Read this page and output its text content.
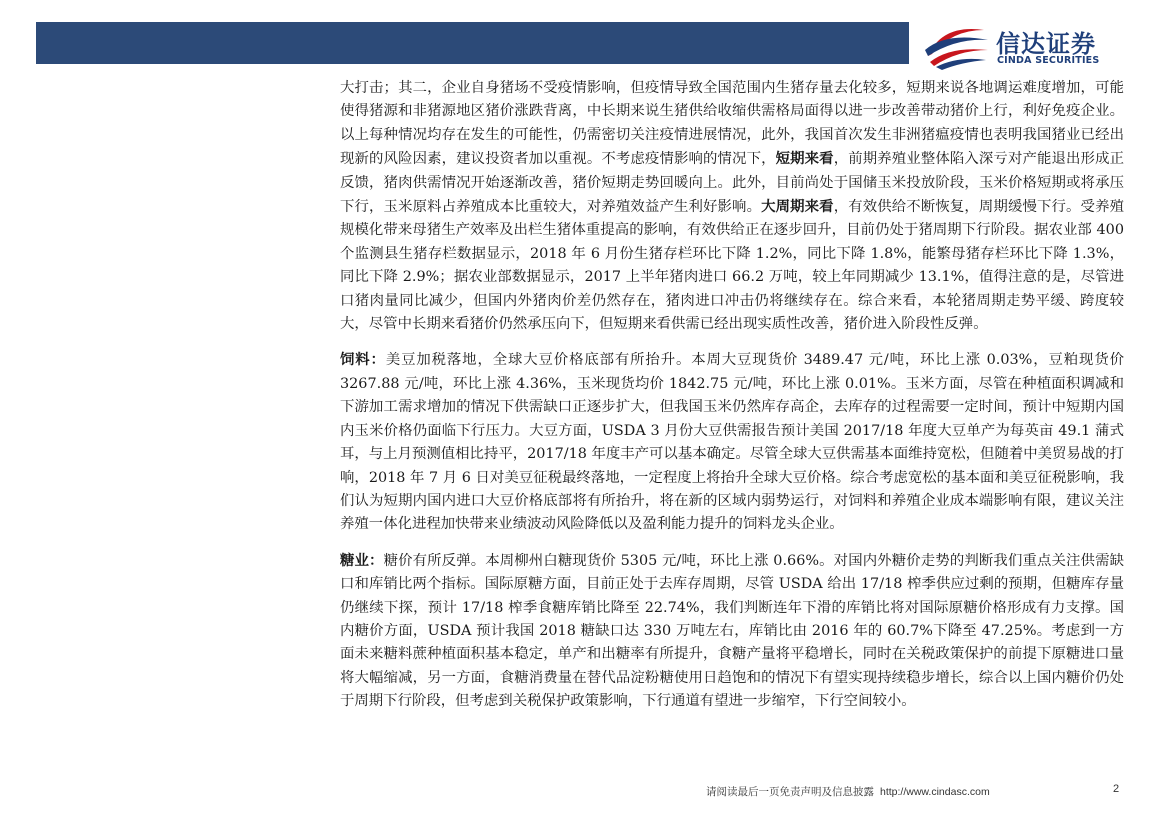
信达证券
CINDA SECURITIES

大打击；其二，企业自身猪场不受疫情影响，但疫情导致全国范围内生猪存量去化较多，短期来说各地调运难度增加，可能使得猪源和非猪源地区猪价涨跌背离，中长期来说生猪供给收缩供需格局面得以进一步改善带动猪价上行，利好免疫企业。以上每种情况均存在发生的可能性，仍需密切关注疫情进展情况，此外，我国首次发生非洲猪瘟疫情也表明我国猪业已经出现新的风险因素，建议投资者加以重视。不考虑疫情影响的情况下，短期来看，前期养殖业整体陷入深亏对产能退出形成正反馈，猪肉供需情况开始逐渐改善，猪价短期走势回暖向上。此外，目前尚处于国储玉米投放阶段，玉米价格短期或将承压下行，玉米原料占养殖成本比重较大，对养殖效益产生利好影响。大周期来看，有效供给不断恢复，周期缓慢下行。受养殖规模化带来母猪生产效率及出栏生猪体重提高的影响，有效供给正在逐步回升，目前仍处于猪周期下行阶段。据农业部 400 个监测县生猪存栏数据显示，2018 年 6 月份生猪存栏环比下降 1.2%，同比下降 1.8%，能繁母猪存栏环比下降 1.3%，同比下降 2.9%；据农业部数据显示，2017 上半年猪肉进口 66.2 万吨，较上年同期减少 13.1%，值得注意的是，尽管进口猪肉量同比减少，但国内外猪肉价差仍然存在，猪肉进口冲击仍将继续存在。综合来看，本轮猪周期走势平缓、跨度较大，尽管中长期来看猪价仍然承压向下，但短期来看供需已经出现实质性改善，猪价进入阶段性反弹。

饲料：美豆加税落地，全球大豆价格底部有所抬升。本周大豆现货价 3489.47 元/吨，环比上涨 0.03%，豆粕现货价 3267.88 元/吨，环比上涨 4.36%，玉米现货均价 1842.75 元/吨，环比上涨 0.01%。玉米方面，尽管在种植面积调减和下游加工需求增加的情况下供需缺口正逐步扩大，但我国玉米仍然库存高企，去库存的过程需要一定时间，预计中短期内国内玉米价格仍面临下行压力。大豆方面，USDA 3 月份大豆供需报告预计美国 2017/18 年度大豆单产为每英亩 49.1 蒲式耳，与上月预测值相比持平，2017/18 年度丰产可以基本确定。尽管全球大豆供需基本面维持宽松，但随着中美贸易战的打响，2018 年 7 月 6 日对美豆征税最终落地，一定程度上将抬升全球大豆价格。综合考虑宽松的基本面和美豆征税影响，我们认为短期内国内进口大豆价格底部将有所抬升，将在新的区域内弱势运行，对饲料和养殖企业成本端影响有限，建议关注养殖一体化进程加快带来业绩波动风险降低以及盈利能力提升的饲料龙头企业。

糖业：糖价有所反弹。本周柳州白糖现货价 5305 元/吨，环比上涨 0.66%。对国内外糖价走势的判断我们重点关注供需缺口和库销比两个指标。国际原糖方面，目前正处于去库存周期，尽管 USDA 给出 17/18 榨季供应过剩的预期，但糖库存量仍继续下探，预计 17/18 榨季食糖库销比降至 22.74%，我们判断连年下滑的库销比将对国际原糖价格形成有力支撑。国内糖价方面，USDA 预计我国 2018 糖缺口达 330 万吨左右，库销比由 2016 年的 60.7%下降至 47.25%。考虑到一方面未来糖料蔗种植面积基本稳定，单产和出糖率有所提升，食糖产量将平稳增长，同时在关税政策保护的前提下原糖进口量将大幅缩减，另一方面，食糖消费量在替代品淀粉糖使用日趋饱和的情况下有望实现持续稳步增长，综合以上国内糖价仍处于周期下行阶段，但考虑到关税保护政策影响，下行通道有望进一步缩窄，下行空间较小。

请阅读最后一页免责声明及信息披露 http://www.cindasc.com	2
